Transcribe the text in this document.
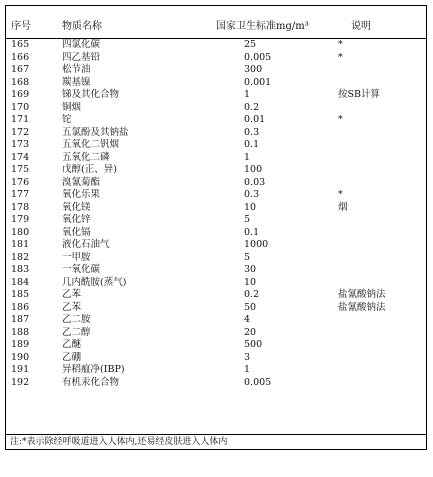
序号	物质名称	国家卫生标准mg/m³	说明
165	四氯化碳	25	*
166	四乙基铅	0.005	*
167	松节油	300
168	羰基镍	0.001
169	锑及其化合物	1	按SB计算
170	铜烟	0.2
171	铊	0.01	*
172	五氯酚及其钠盐	0.3
173	五氧化二钒烟	0.1
174	五氧化二磷	1
175	戊醇(正、异)	100
176	溴氰菊酯	0.03
177	氧化乐果	0.3	*
178	氧化镁	10	烟
179	氧化锌	5
180	氧化镉	0.1
181	液化石油气	1000
182	一甲胺	5
183	一氧化碳	30
184	几内酰胺(蒸气)	10
185	乙苯	0.2	盐氰酸钠法
186	乙苯	50	盐氰酸钠法
187	乙二胺	4
188	乙二醇	20
189	乙醚	500
190	乙硼	3
191	异稻瘟净(IBP)	1
192	有机汞化合物	0.005
注:*表示除经呼吸道进入人体内,还易经皮肤进入人体内
